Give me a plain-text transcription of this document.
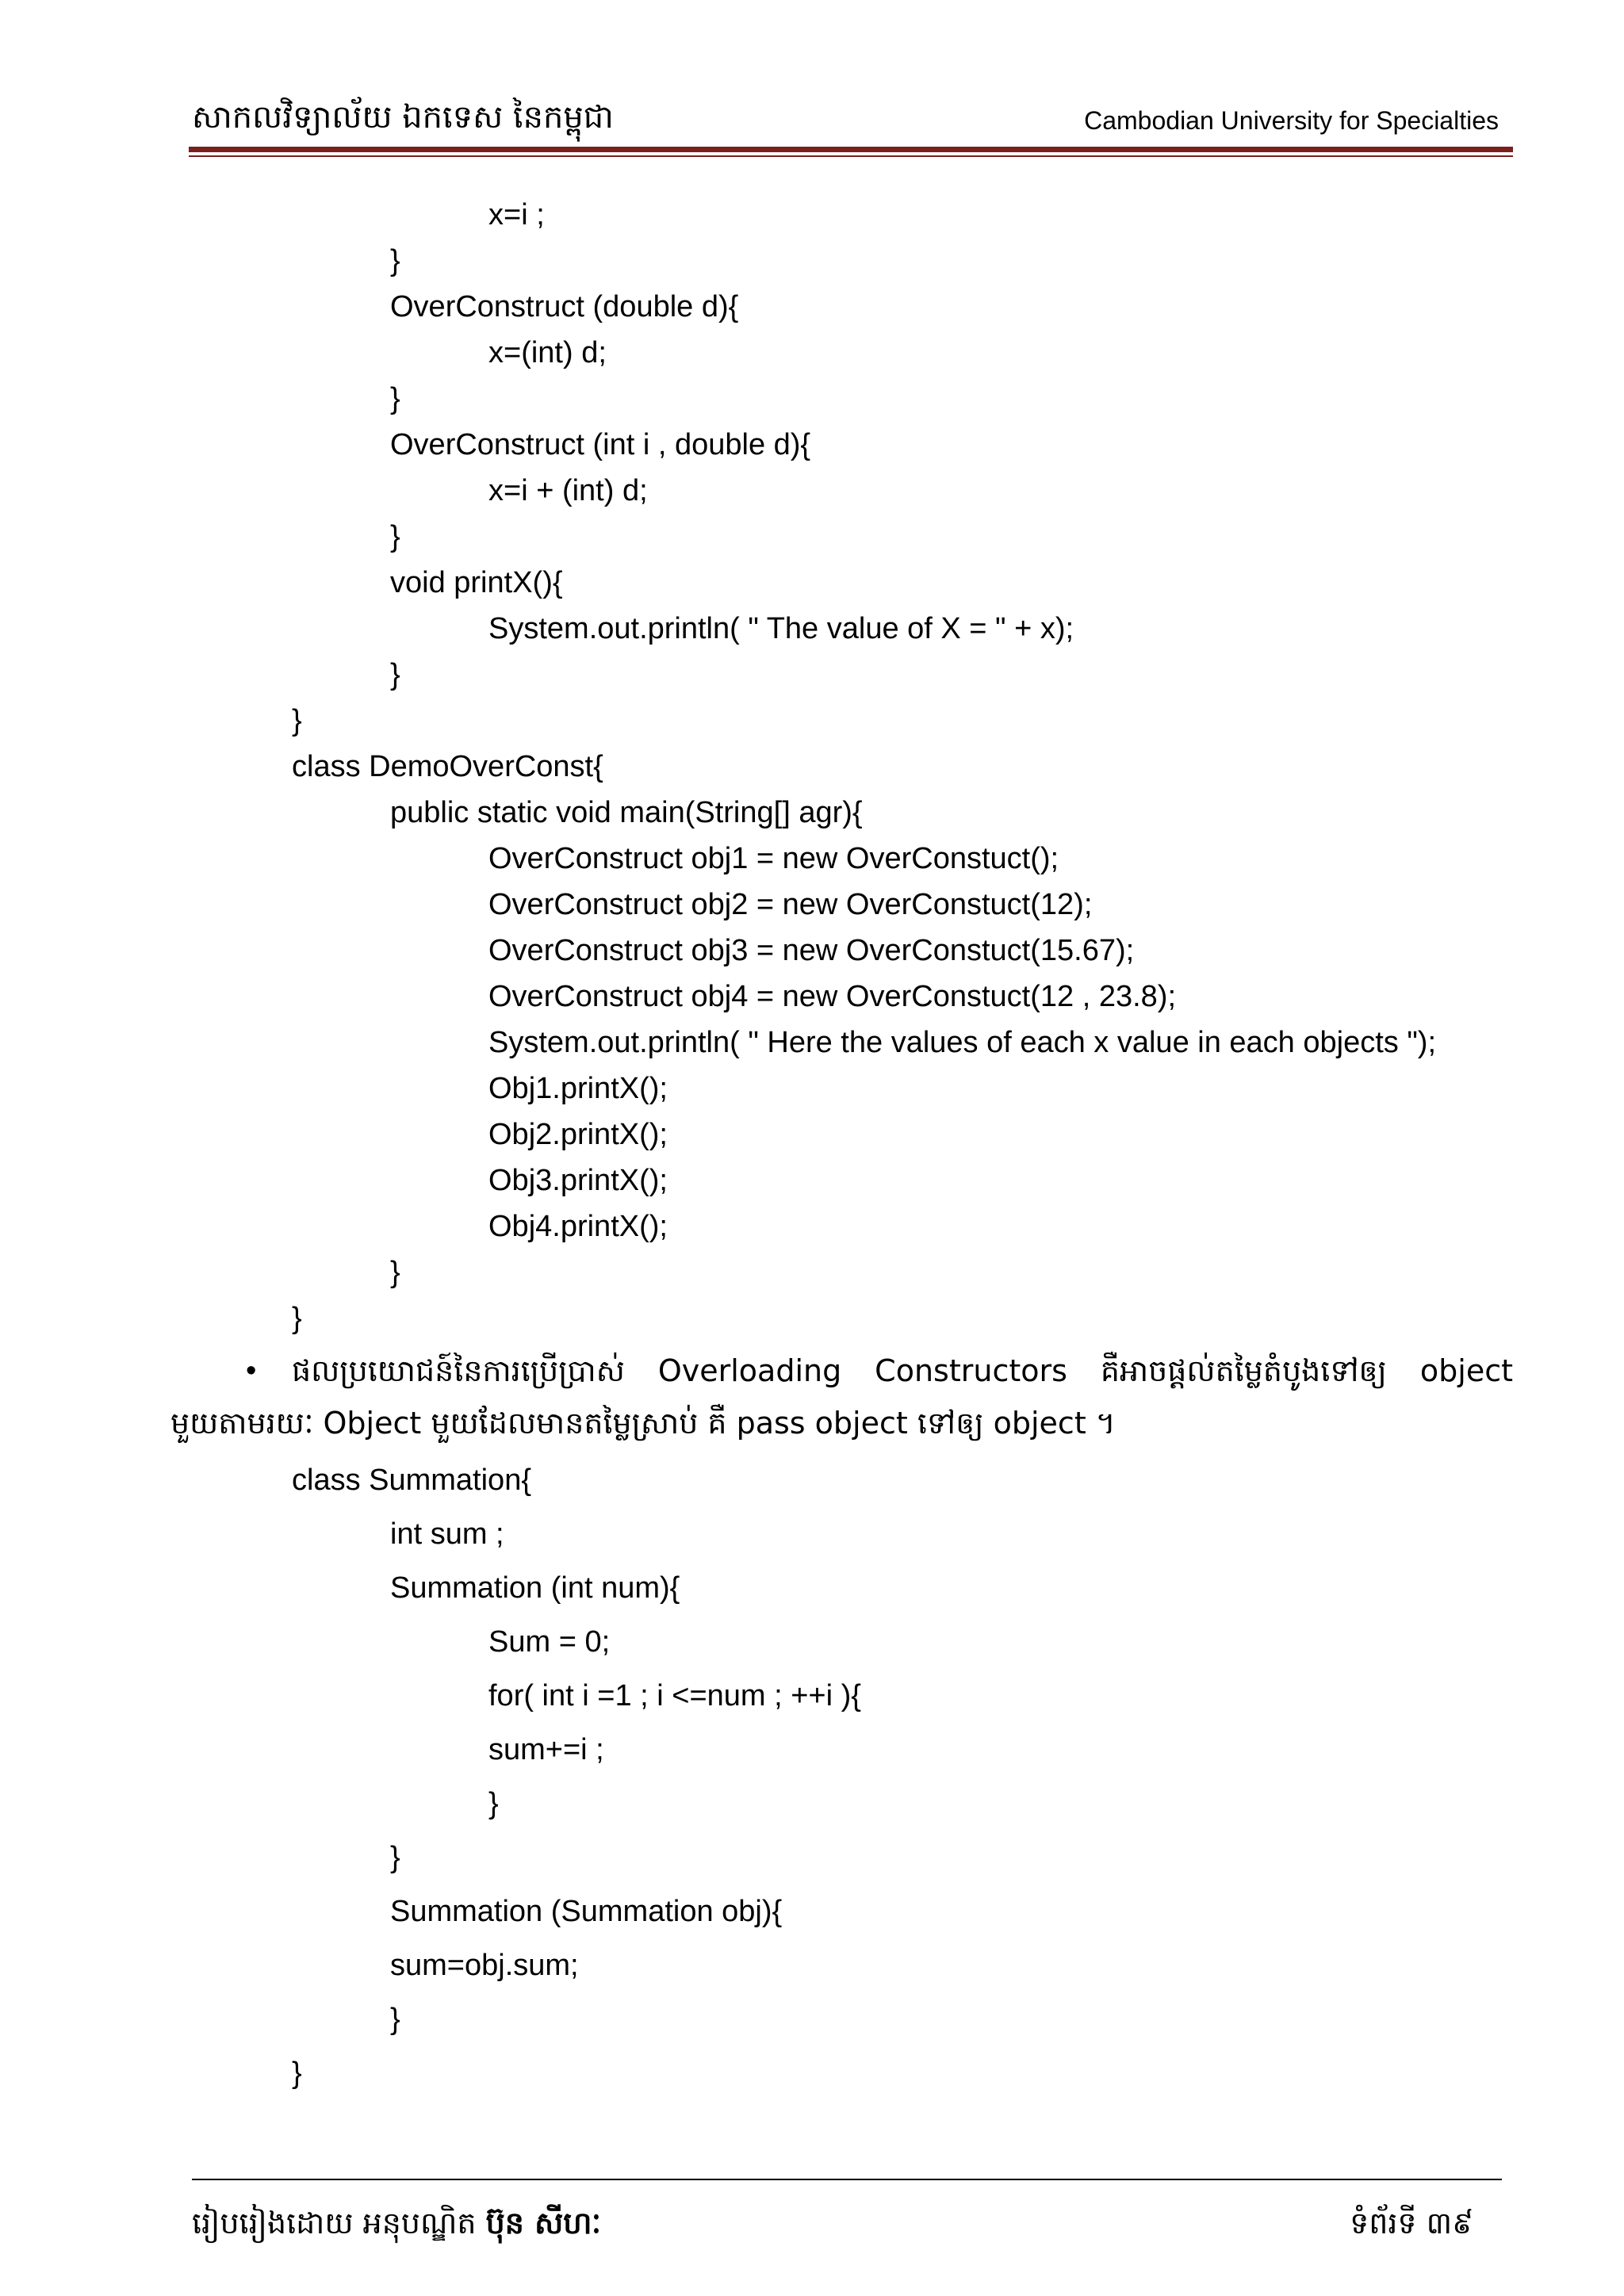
សាកលវិទ្យាល័យ ឯកទេស នៃកម្ពុជា	Cambodian University for Specialties
x=i ;
}
OverConstruct (double d){
x=(int) d;
}
OverConstruct (int i , double d){
x=i + (int) d;
}
void printX(){
System.out.println( " The value of X = " + x);
}
}
class DemoOverConst{
public static void main(String[] agr){
OverConstruct obj1 = new OverConstuct();
OverConstruct obj2 = new OverConstuct(12);
OverConstruct obj3 = new OverConstuct(15.67);
OverConstruct obj4 = new OverConstuct(12 , 23.8);
System.out.println( " Here the values of each x value in each objects ");
Obj1.printX();
Obj2.printX();
Obj3.printX();
Obj4.printX();
}
}
• ផលប្រយោជន៍នៃការប្រើប្រាស់ Overloading Constructors គឺអាចផ្តល់តម្លៃតំបូងទៅឲ្យ object
មួយតាមរយៈ Object មួយដែលមានតម្លៃស្រាប់ គឺ pass object ទៅឲ្យ object ។
class Summation{
int sum ;
Summation (int num){
Sum = 0;
for( int i =1 ; i <=num ; ++i ){
sum+=i ;
}
}
Summation (Summation obj){
sum=obj.sum;
}
}
រៀបរៀងដោយ អនុបណ្ឌិត ប៊ុន សីហៈ	ទំព័រទី ៣៩
